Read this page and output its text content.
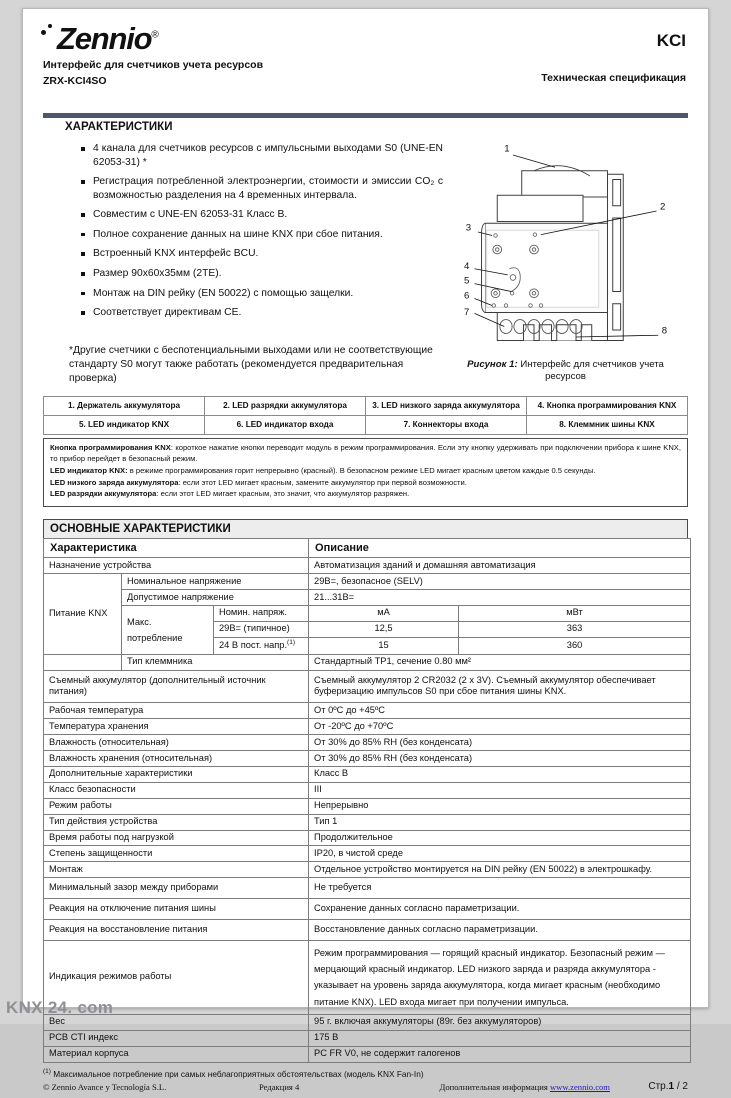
Zennio®
Интерфейс для счетчиков учета ресурсов
ZRX-KCI4SO
KCI
Техническая спецификация
ХАРАКТЕРИСТИКИ
4 канала для счетчиков ресурсов с импульсными выходами S0 (UNE-EN 62053-31) *
Регистрация потребленной электроэнергии, стоимости и эмиссии CO₂ с возможностью разделения на 4 временных интервала.
Совместим с UNE-EN 62053-31 Класс B.
Полное сохранение данных на шине KNX при сбое питания.
Встроенный KNX интерфейс BCU.
Размер 90x60x35мм (2TE).
Монтаж на DIN рейку (EN 50022) с помощью защелки.
Соответствует директивам CE.
*Другие счетчики с беспотенциальными выходами или не соответствующие стандарту S0 могут также работать (рекомендуется предварительная проверка)
1
2
3
4
5
6
7
8
Рисунок 1: Интерфейс для счетчиков учета ресурсов
1. Держатель аккумулятора	2. LED разрядки аккумулятора	3. LED низкого заряда аккумулятора	4. Кнопка программирования KNX
5. LED индикатор KNX	6. LED индикатор входа	7. Коннекторы входа	8. Клеммник шины KNX

Кнопка программирования KNX: короткое нажатие кнопки переводит модуль в режим программирования. Если эту кнопку удерживать при подключении прибора к шине KNX, то прибор перейдет в безопасный режим.

LED индикатор KNX: в режиме программирования горит непрерывно (красный). В безопасном режиме LED мигает красным цветом каждые 0.5 секунды.

LED низкого заряда аккумулятора: если этот LED мигает красным, замените аккумулятор при первой возможности.

LED разрядки аккумулятора: если этот LED мигает красным, это значит, что аккумулятор разряжен.

ОСНОВНЫЕ ХАРАКТЕРИСТИКИ
Характеристика			Описание	
Назначение устройства			Автоматизация зданий и домашняя автоматизация	
Питание KNX	Номинальное напряжение		29В=, безопасное (SELV)	
	Допустимое напряжение		21...31В=	
	Макс. потребление	Номин. напряж.	мА	мВт
		29В= (типичное)	12,5	363
		24 В пост. напр.$^{(1)}$	15	360
	Тип клеммника		Стандартный TP1, сечение 0.80 мм²	
Съемный аккумулятор (дополнительный источник питания)			Съемный аккумулятор 2 CR2032 (2 x 3V). Съемный аккумулятор обеспечивает буферизацию импульсов S0 при сбое питания шины KNX.	
Рабочая температура			От 0ºC до +45ºC	
Температура хранения			От -20ºC до +70ºC	
Влажность (относительная)			От 30% до 85% RH (без конденсата)	
Влажность хранения (относительная)			От 30% до 85% RH (без конденсата)	
Дополнительные характеристики			Класс B	
Класс безопасности			III	
Режим работы			Непрерывно	
Тип действия устройства			Тип 1	
Время работы под нагрузкой			Продолжительное	
Степень защищенности			IP20, в чистой среде	
Монтаж			Отдельное устройство монтируется на DIN рейку (EN 50022) в электрошкафу.	
Минимальный зазор между приборами			Не требуется	
Реакция на отключение питания шины			Сохранение данных согласно параметризации.	
Реакция на восстановление питания			Восстановление данных согласно параметризации.	
Индикация режимов работы			Режим программирования — горящий красный индикатор. Безопасный режим — мерцающий красный индикатор. LED низкого заряда и разряда аккумулятора - указывает на уровень заряда аккумулятора, когда мигает красным (необходимо питание KNX). LED входа мигает при получении импульса.	
Вес			95 г. включая аккумуляторы (89г. без аккумуляторов)	
PCB CTI индекс			175 B	
Материал корпуса			PC FR V0, не содержит галогенов	
$^{(1)}$ Максимальное потребление при самых неблагоприятных обстоятельствах (модель KNX Fan-In)
© Zennio Avance y Tecnología S.L.	Редакция 4	Дополнительная информация www.zennio.com	Стр.1 / 2
KNX 24. com
